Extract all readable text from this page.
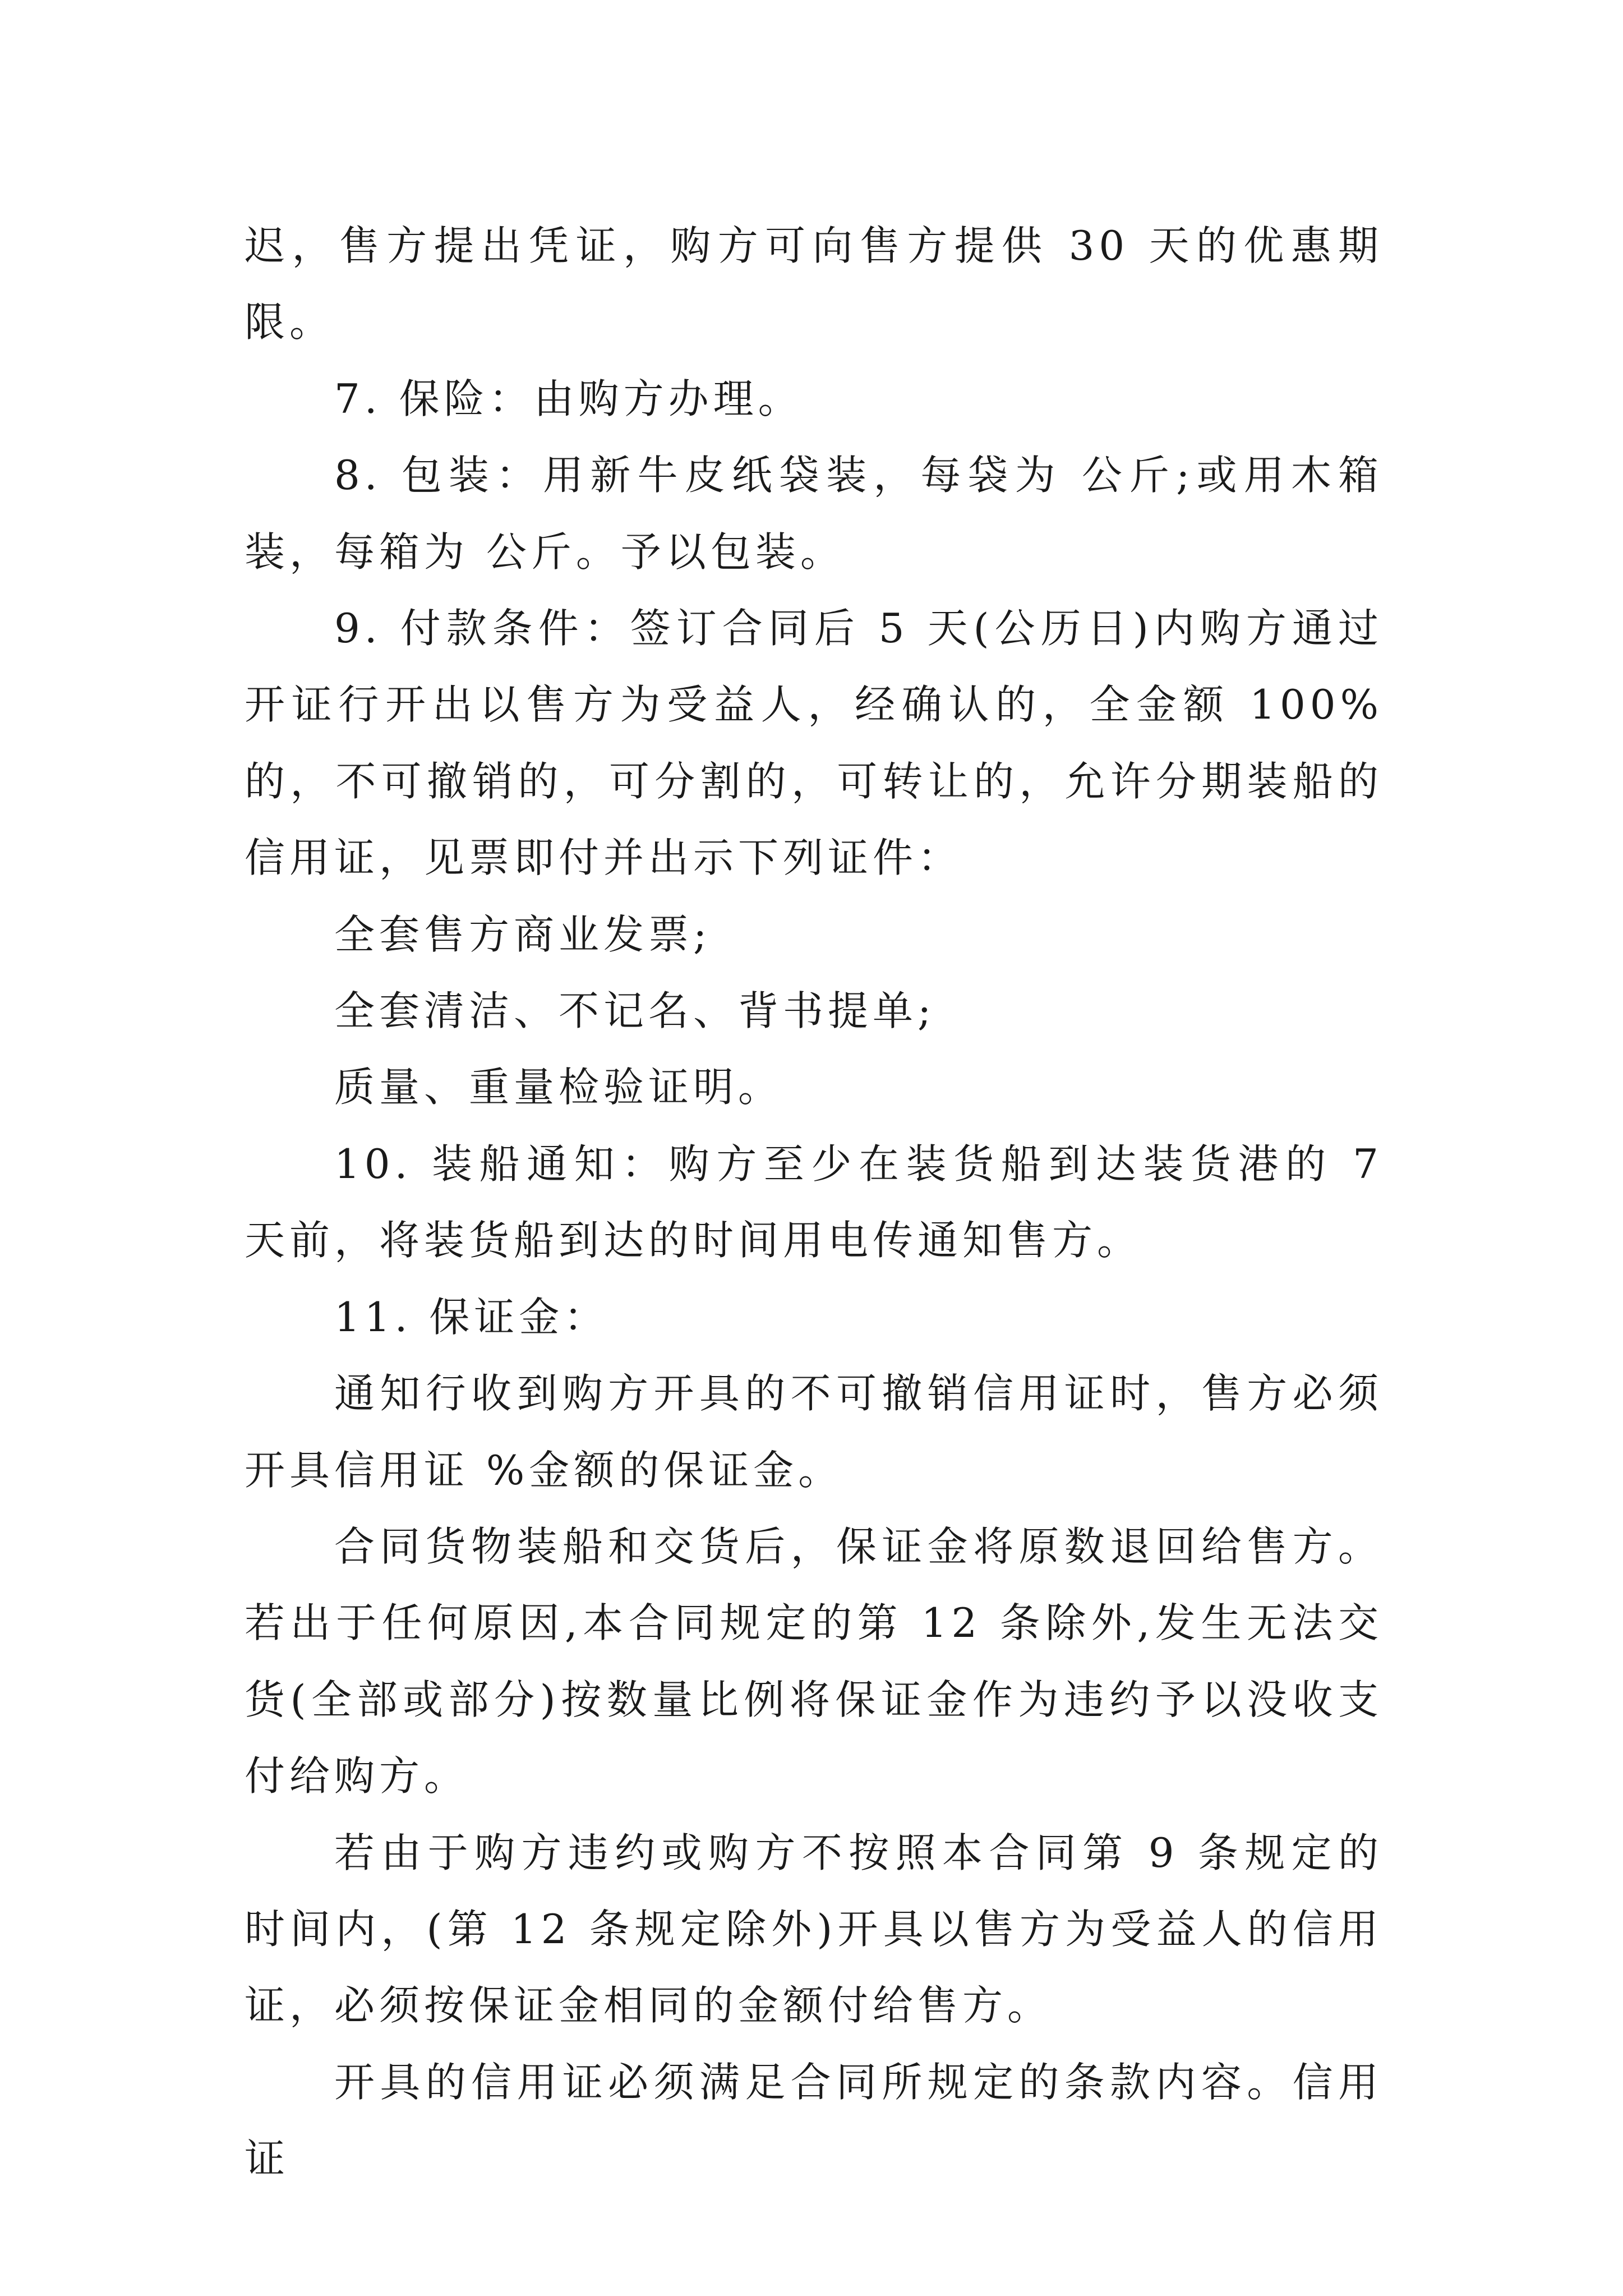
迟，售方提出凭证，购方可向售方提供 30 天的优惠期限。

7. 保险：由购方办理。

8. 包装：用新牛皮纸袋装，每袋为 公斤;或用木箱装，每箱为 公斤。予以包装。

9. 付款条件：签订合同后 5 天(公历日)内购方通过开证行开出以售方为受益人，经确认的，全金额 100%的，不可撤销的，可分割的，可转让的，允许分期装船的信用证，见票即付并出示下列证件：

全套售方商业发票;

全套清洁、不记名、背书提单;

质量、重量检验证明。

10. 装船通知：购方至少在装货船到达装货港的 7 天前，将装货船到达的时间用电传通知售方。

11. 保证金：

通知行收到购方开具的不可撤销信用证时，售方必须开具信用证 %金额的保证金。

合同货物装船和交货后，保证金将原数退回给售方。若出于任何原因,本合同规定的第 12 条除外,发生无法交货(全部或部分)按数量比例将保证金作为违约予以没收支付给购方。

若由于购方违约或购方不按照本合同第 9 条规定的时间内，(第 12 条规定除外)开具以售方为受益人的信用证，必须按保证金相同的金额付给售方。

开具的信用证必须满足合同所规定的条款内容。信用证
